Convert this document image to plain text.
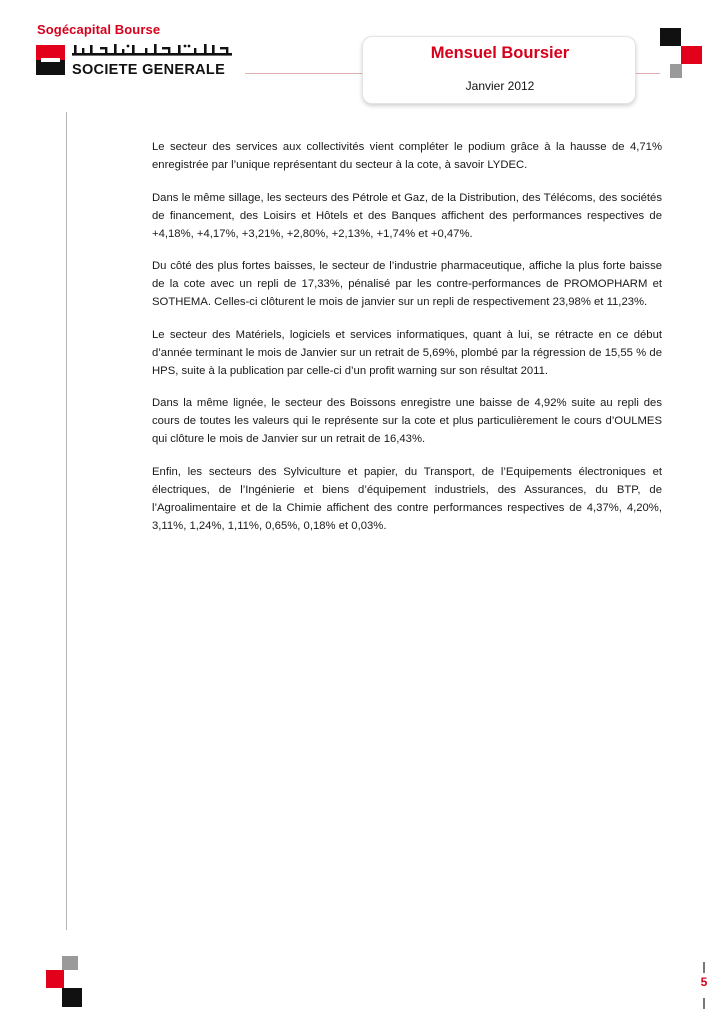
Sogécapital Bourse
SOCIETE GENERALE
Mensuel Boursier
Janvier 2012

Le secteur des services aux collectivités vient compléter le podium grâce à la hausse de 4,71% enregistrée par l’unique représentant du secteur à la cote, à savoir LYDEC.

Dans le même sillage, les secteurs des Pétrole et Gaz, de la Distribution, des Télécoms, des sociétés de financement, des Loisirs et Hôtels et des Banques affichent des performances respectives de +4,18%, +4,17%, +3,21%, +2,80%, +2,13%, +1,74% et +0,47%.

Du côté des plus fortes baisses, le secteur de l’industrie pharmaceutique, affiche la plus forte baisse de la cote avec un repli de 17,33%, pénalisé par les contre-performances de PROMOPHARM et SOTHEMA. Celles-ci clôturent le mois de janvier sur un repli de respectivement 23,98% et 11,23%.

Le secteur des Matériels, logiciels et services informatiques, quant à lui, se rétracte en ce début d’année terminant le mois de Janvier sur un retrait de 5,69%, plombé par la régression de 15,55 % de HPS, suite à la publication par celle-ci d’un profit warning sur son résultat 2011.

Dans la même lignée, le secteur des Boissons enregistre une baisse de 4,92% suite au repli des cours de toutes les valeurs qui le représente sur la cote et plus particulièrement le cours d’OULMES qui clôture le mois de Janvier sur un retrait de 16,43%.

Enfin, les secteurs des Sylviculture et papier, du Transport, de l’Equipements électroniques et électriques, de l’Ingénierie et biens d’équipement industriels, des Assurances, du BTP, de l’Agroalimentaire et de la Chimie affichent des contre performances respectives de 4,37%, 4,20%, 3,11%, 1,24%, 1,11%, 0,65%, 0,18% et 0,03%.

5
